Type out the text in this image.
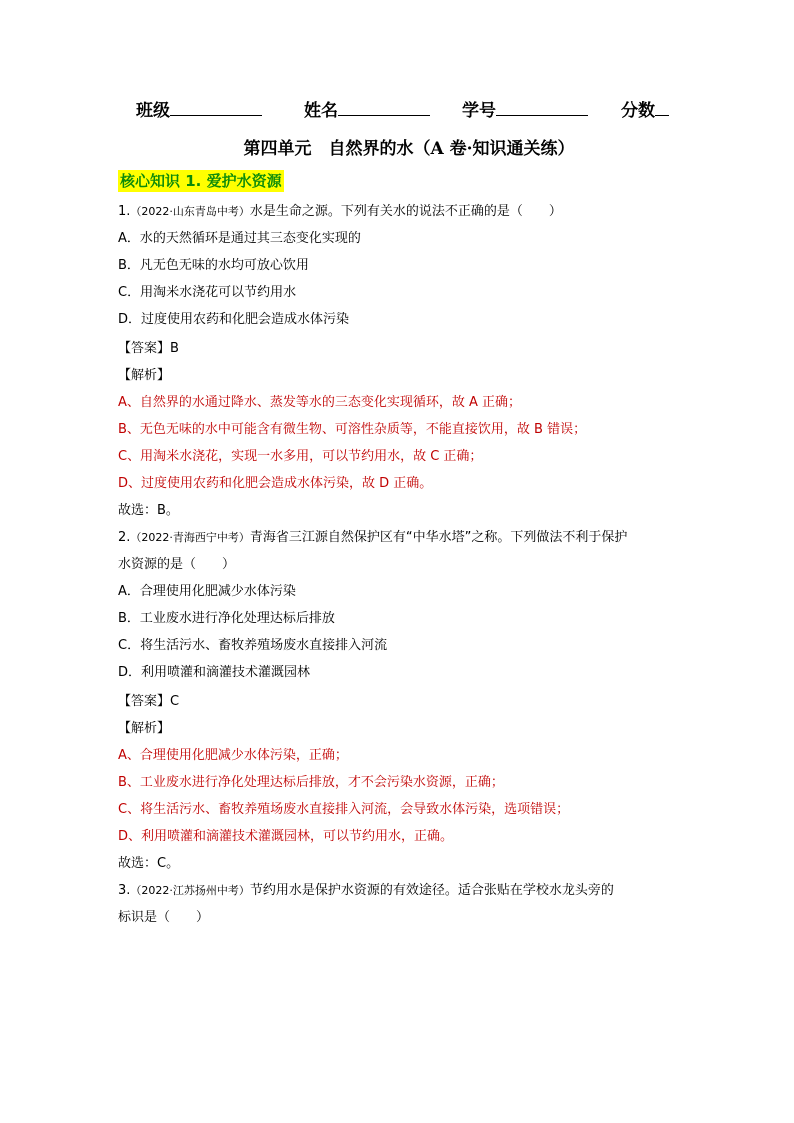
班级	姓名	学号	分数
第四单元　自然界的水（A 卷·知识通关练）
核心知识 1. 爱护水资源
1.（2022·山东青岛中考）水是生命之源。下列有关水的说法不正确的是（　　）
A．水的天然循环是通过其三态变化实现的
B．凡无色无味的水均可放心饮用
C．用淘米水浇花可以节约用水
D．过度使用农药和化肥会造成水体污染
【答案】B
【解析】
A、自然界的水通过降水、蒸发等水的三态变化实现循环，故 A 正确；
B、无色无味的水中可能含有微生物、可溶性杂质等，不能直接饮用，故 B 错误；
C、用淘米水浇花，实现一水多用，可以节约用水，故 C 正确；
D、过度使用农药和化肥会造成水体污染，故 D 正确。
故选：B。
2.（2022·青海西宁中考）青海省三江源自然保护区有“中华水塔”之称。下列做法不利于保护
水资源的是（　　）
A．合理使用化肥减少水体污染
B．工业废水进行净化处理达标后排放
C．将生活污水、畜牧养殖场废水直接排入河流
D．利用喷灌和滴灌技术灌溉园林
【答案】C
【解析】
A、合理使用化肥减少水体污染，正确；
B、工业废水进行净化处理达标后排放，才不会污染水资源，正确；
C、将生活污水、畜牧养殖场废水直接排入河流，会导致水体污染，选项错误；
D、利用喷灌和滴灌技术灌溉园林，可以节约用水，正确。
故选：C。
3.（2022·江苏扬州中考）节约用水是保护水资源的有效途径。适合张贴在学校水龙头旁的
标识是（　　）
